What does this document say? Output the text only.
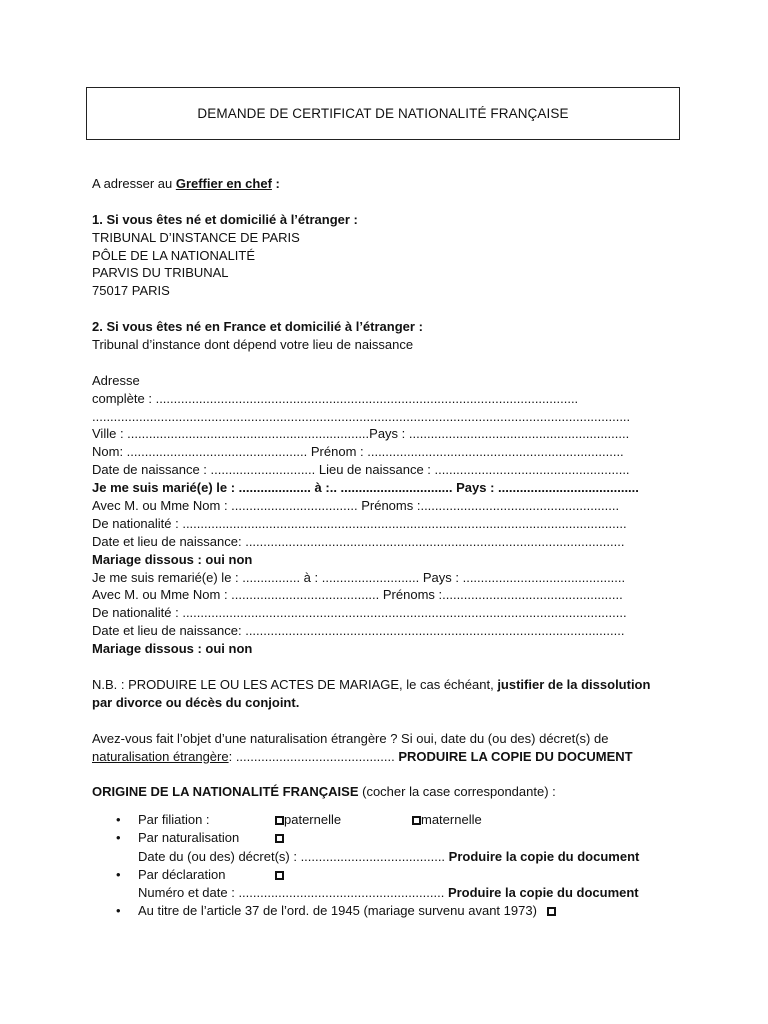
DEMANDE DE CERTIFICAT DE NATIONALITÉ FRANÇAISE
A adresser au Greffier en chef :
1. Si vous êtes né et domicilié à l’étranger :
TRIBUNAL D’INSTANCE DE PARIS
PÔLE DE LA NATIONALITÉ
PARVIS DU TRIBUNAL
75017 PARIS
2. Si vous êtes né en France et domicilié à l’étranger :
Tribunal d’instance dont dépend votre lieu de naissance
Adresse
complète : .....................................................................................................................
.....................................................................................................................................................
Ville : ...................................................................Pays : .............................................................
Nom: .................................................. Prénom : .......................................................................
Date de naissance : ............................. Lieu de naissance : ......................................................
Je me suis marié(e) le : .................... à :.. ............................... Pays : .......................................
Avec M. ou Mme Nom : ................................... Prénoms :.......................................................
De nationalité : ...........................................................................................................................
Date et lieu de naissance: .........................................................................................................
Mariage dissous : oui non
Je me suis remarié(e) le : ................ à : ........................... Pays : .............................................
Avec M. ou Mme Nom : ......................................... Prénoms :..................................................
De nationalité : ...........................................................................................................................
Date et lieu de naissance: .........................................................................................................
Mariage dissous : oui non
N.B. : PRODUIRE LE OU LES ACTES DE MARIAGE, le cas échéant, justifier de la dissolution
par divorce ou décès du conjoint.
Avez-vous fait l’objet d’une naturalisation étrangère ? Si oui, date du (ou des) décret(s) de
naturalisation étrangère: ............................................ PRODUIRE LA COPIE DU DOCUMENT
ORIGINE DE LA NATIONALITÉ FRANÇAISE (cocher la case correspondante) :
• Par filiation :	paternelle	maternelle
• Par naturalisation
Date du (ou des) décret(s) : ........................................ Produire la copie du document
• Par déclaration
Numéro et date : ......................................................... Produire la copie du document
• Au titre de l’article 37 de l’ord. de 1945 (mariage survenu avant 1973)
